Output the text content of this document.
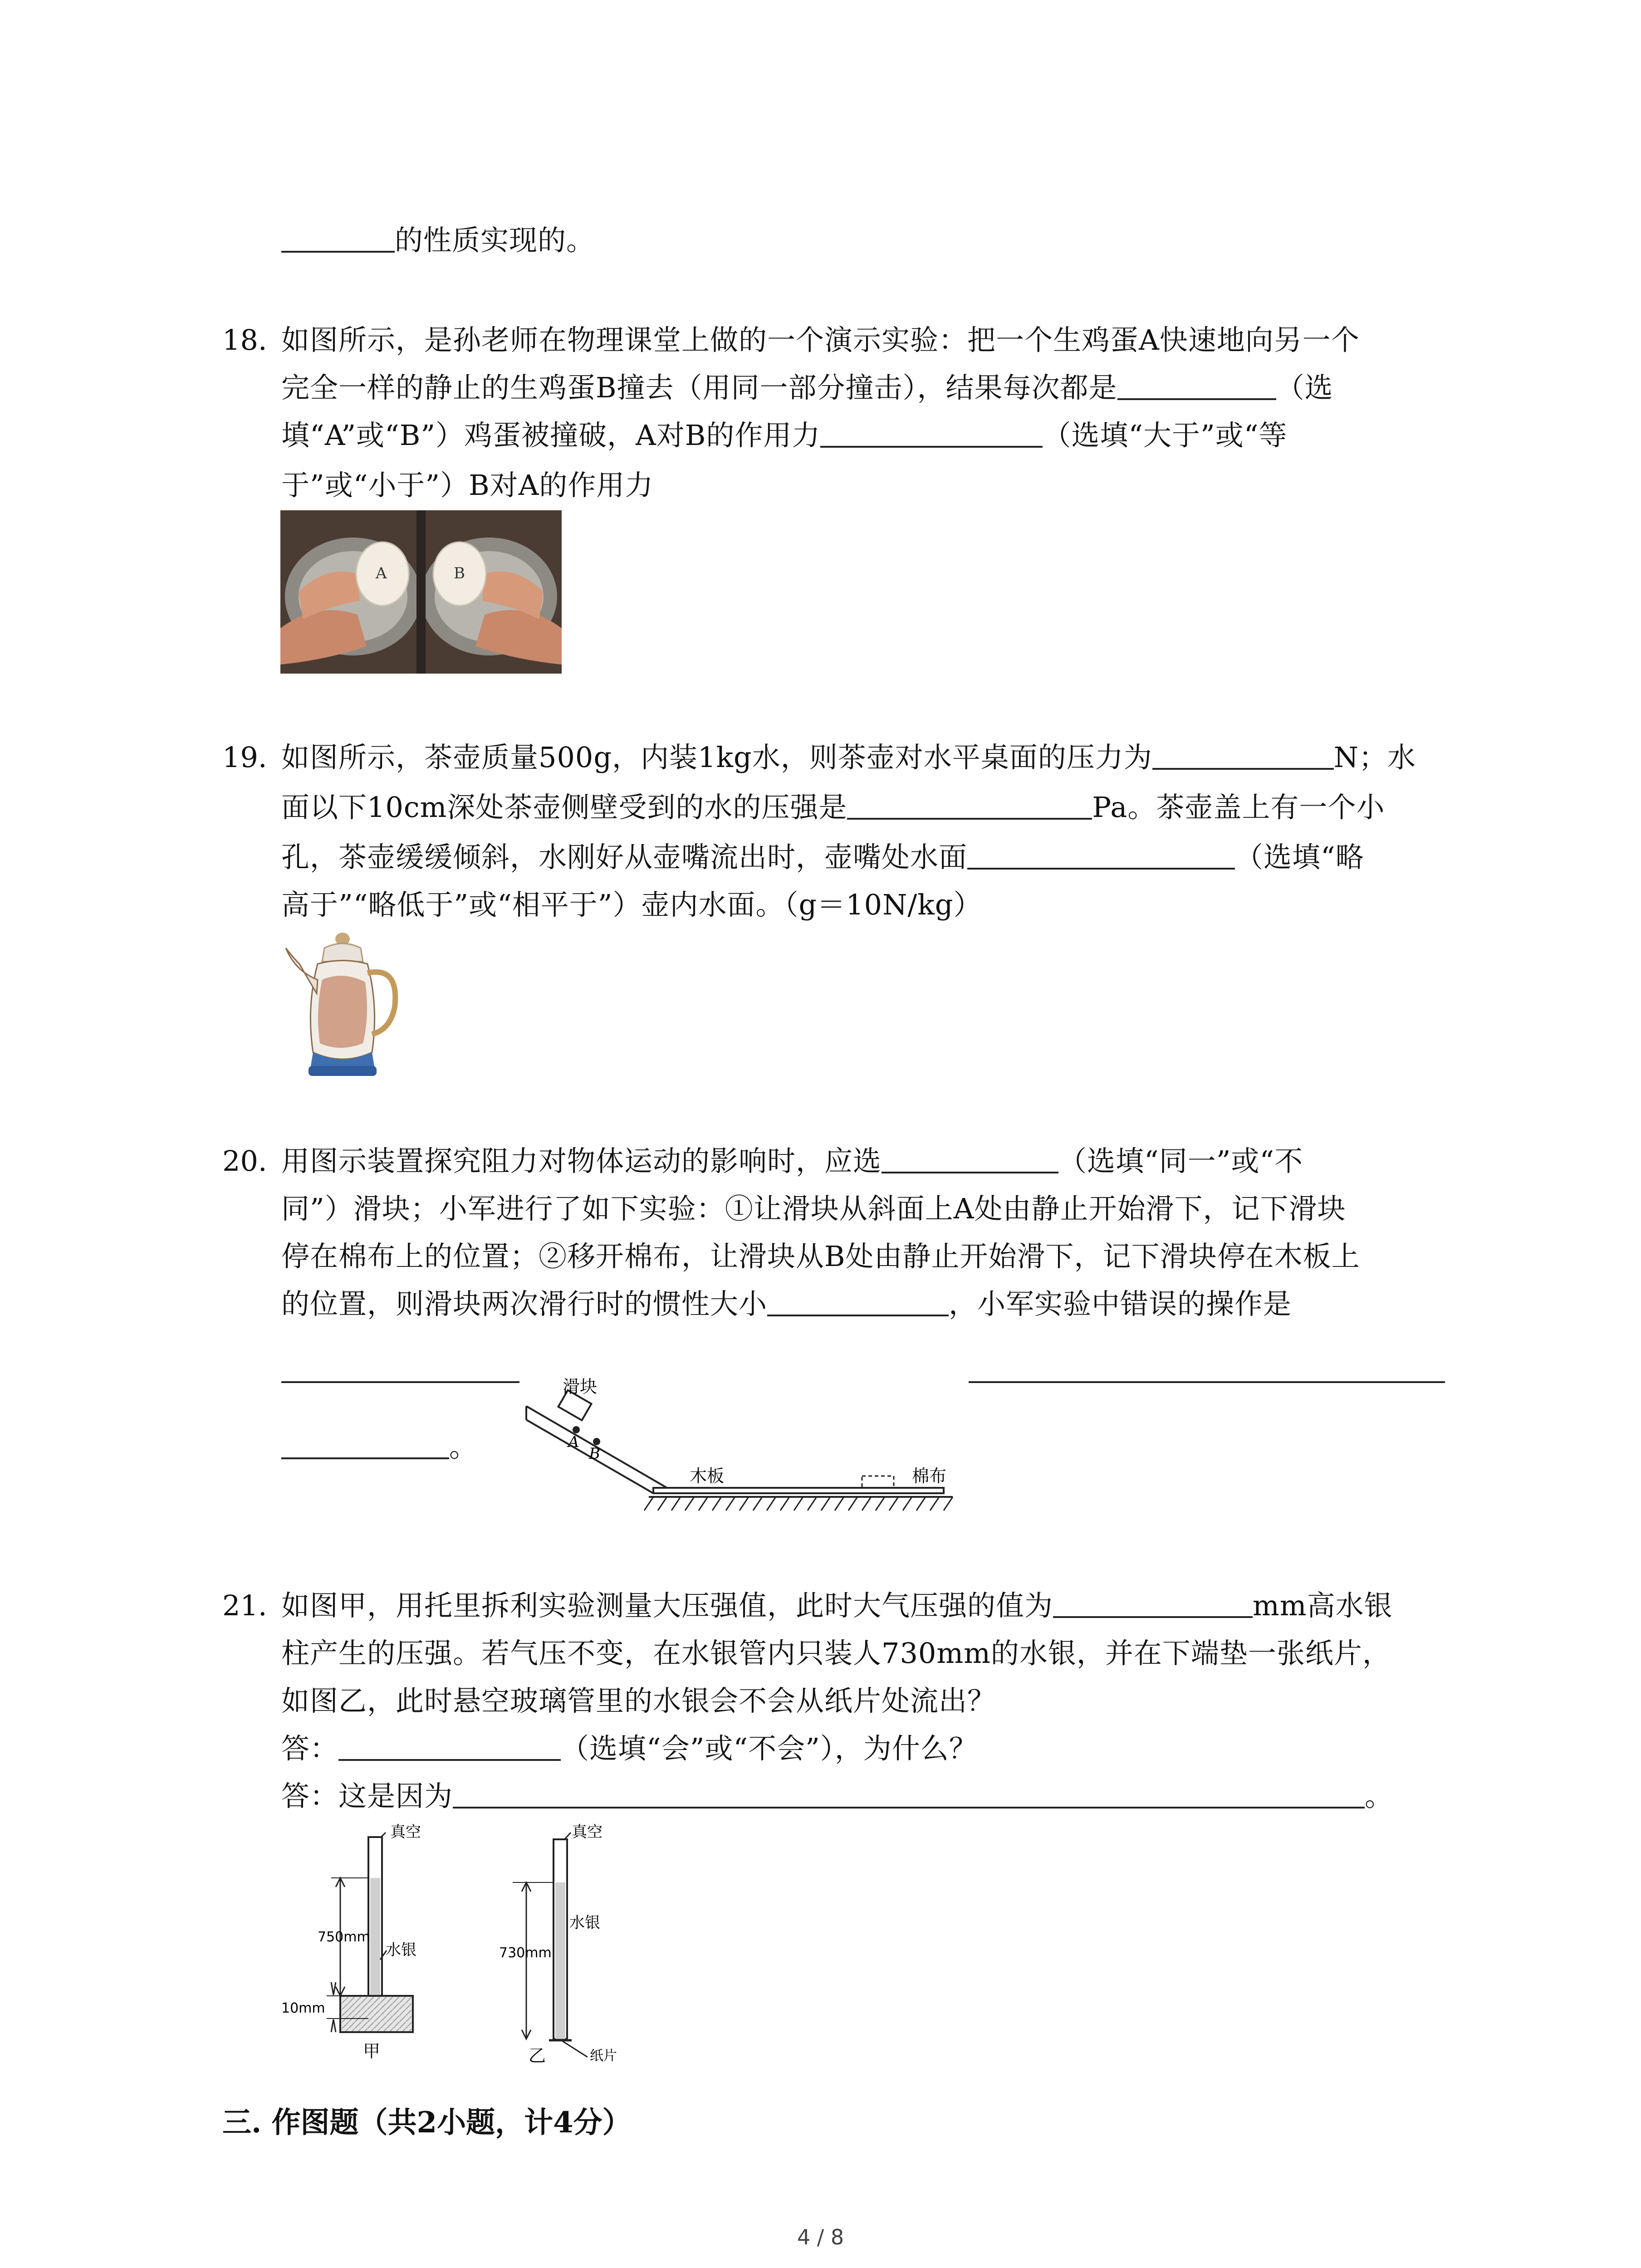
的性质实现的。
18. 如图所示，是孙老师在物理课堂上做的一个演示实验：把一个生鸡蛋A快速地向另一个
完全一样的静止的生鸡蛋B撞去（用同一部分撞击），结果每次都是	（选
填“A”或“B”）鸡蛋被撞破，A对B的作用力	（选填“大于”或“等
于”或“小于”）B对A的作用力
A	B
19. 如图所示，茶壶质量500g，内装1kg水，则茶壶对水平桌面的压力为	N；水
面以下10cm深处茶壶侧壁受到的水的压强是	Pa。茶壶盖上有一个小
孔，茶壶缓缓倾斜，水刚好从壶嘴流出时，壶嘴处水面	（选填“略
高于”“略低于”或“相平于”）壶内水面。（g＝10N/kg）
20. 用图示装置探究阻力对物体运动的影响时，应选	（选填“同一”或“不
同”）滑块；小军进行了如下实验：①让滑块从斜面上A处由静止开始滑下，记下滑块
停在棉布上的位置；②移开棉布，让滑块从B处由静止开始滑下，记下滑块停在木板上
的位置，则滑块两次滑行时的惯性大小	，小军实验中错误的操作是
。	A
B
滑块
木板	棉布
21. 如图甲，用托里拆利实验测量大压强值，此时大气压强的值为	mm高水银
柱产生的压强。若气压不变，在水银管内只装人730mm的水银，并在下端垫一张纸片，
如图乙，此时悬空玻璃管里的水银会不会从纸片处流出？
答：	（选填“会”或“不会”），为什么？
答：这是因为	。
真空
750mm
水银
10mm
甲
真空
730mm
水银
纸片
乙
三. 作图题（共2小题，计4分）
4 / 8
